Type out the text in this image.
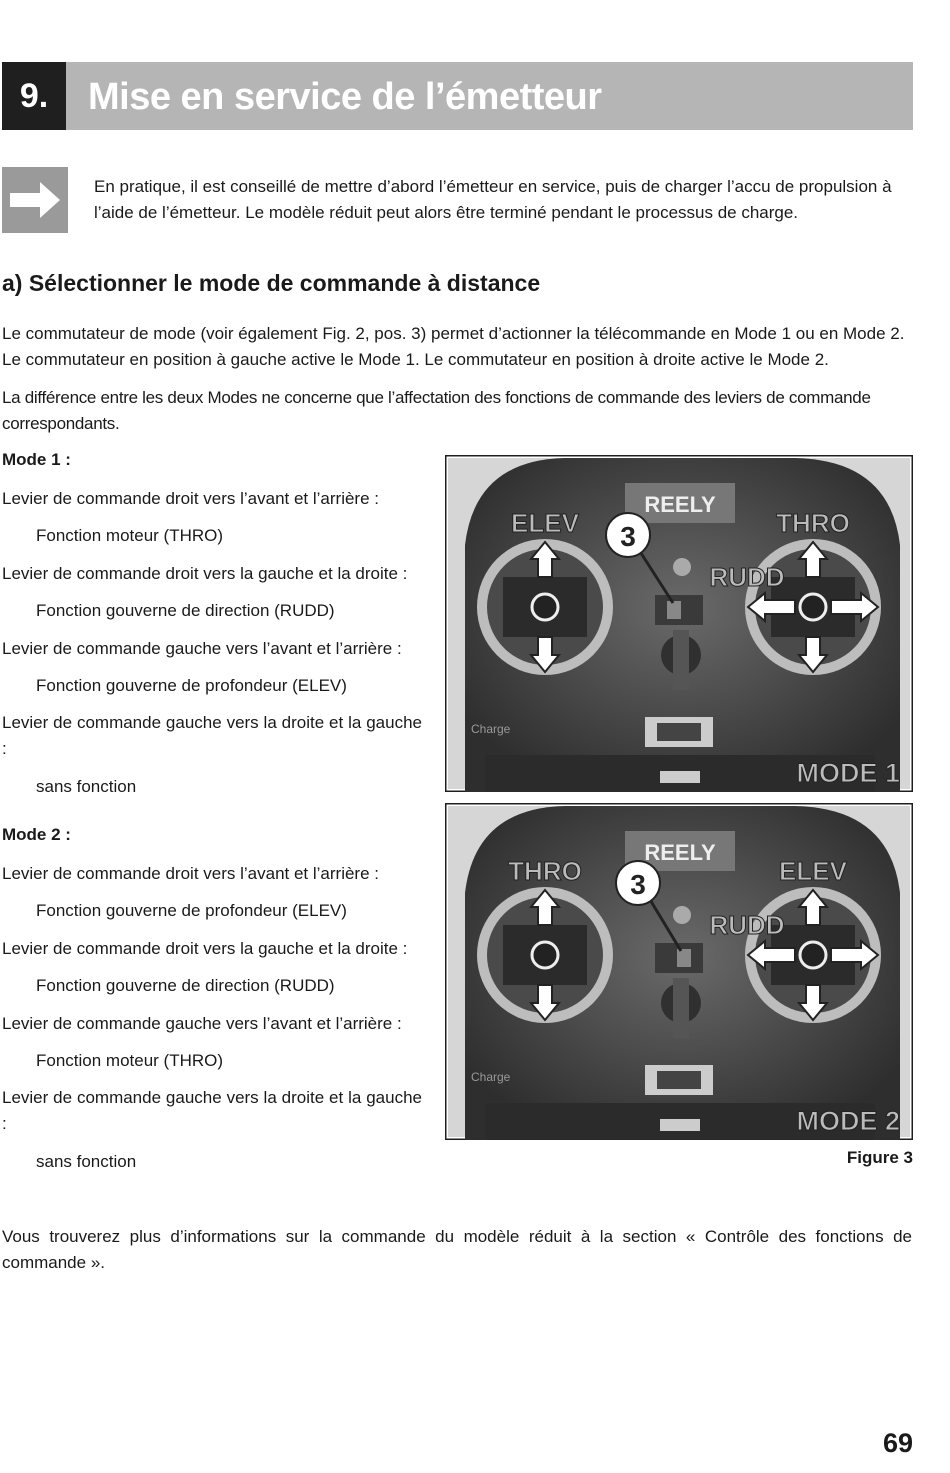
9.	Mise en service de l’émetteur

En pratique, il est conseillé de mettre d’abord l’émetteur en service, puis de charger l’accu de propulsion à l’aide de l’émetteur. Le modèle réduit peut alors être terminé pendant le processus de charge.

a) Sélectionner le mode de commande à distance

Le commutateur de mode (voir également Fig. 2, pos. 3) permet d’actionner la télécommande en Mode 1 ou en Mode 2. Le commutateur en position à gauche active le Mode 1. Le commutateur en position à droite active le Mode 2.

La différence entre les deux Modes ne concerne que l’affectation des fonctions de commande des leviers de commande correspondants.

Mode 1 :
Levier de commande droit vers l’avant et l’arrière :
Fonction moteur (THRO)
Levier de commande droit vers la gauche et la droite :
Fonction gouverne de direction (RUDD)
Levier de commande gauche vers l’avant et l’arrière :
Fonction gouverne de profondeur (ELEV)
Levier de commande gauche vers la droite et la gauche :
sans fonction
Mode 2 :
Levier de commande droit vers l’avant et l’arrière :
Fonction gouverne de profondeur (ELEV)
Levier de commande droit vers la gauche et la droite :
Fonction gouverne de direction (RUDD)
Levier de commande gauche vers l’avant et l’arrière :
Fonction moteur (THRO)
Levier de commande gauche vers la droite et la gauche :
sans fonction
REELY
Charge
3
ELEV	THRO
RUDD
MODE 1
REELY
Charge
3
THRO	ELEV
RUDD
MODE 2
Figure 3

Vous trouverez plus d’informations sur la commande du modèle réduit à la section « Contrôle des fonctions de commande ».

69
